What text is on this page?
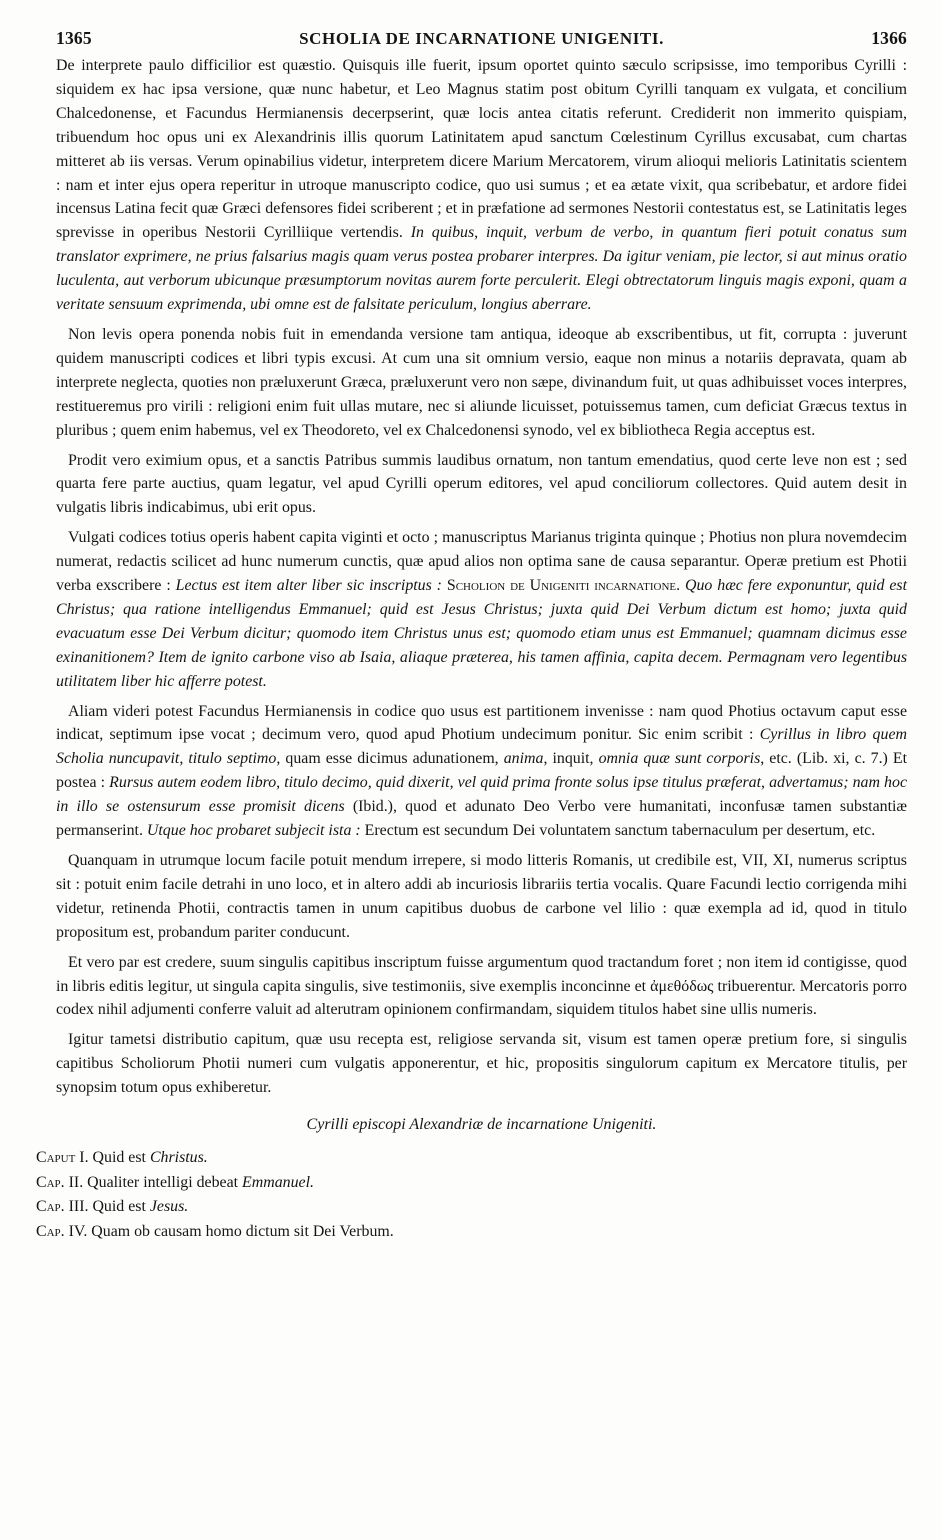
1365	SCHOLIA DE INCARNATIONE UNIGENITI.	1366

De interprete paulo difficilior est quæstio. Quisquis ille fuerit, ipsum oportet quinto sæculo scripsisse, imo temporibus Cyrilli : siquidem ex hac ipsa versione, quæ nunc habetur, et Leo Magnus statim post obitum Cyrilli tanquam ex vulgata, et concilium Chalcedonense, et Facundus Hermianensis decerpserint, quæ locis antea citatis referunt. Crediderit non immerito quispiam, tribuendum hoc opus uni ex Alexandrinis illis quorum Latinitatem apud sanctum Cœlestinum Cyrillus excusabat, cum chartas mitteret ab iis versas. Verum opinabilius videtur, interpretem dicere Marium Mercatorem, virum alioqui melioris Latinitatis scientem : nam et inter ejus opera reperitur in utroque manuscripto codice, quo usi sumus ; et ea ætate vixit, qua scribebatur, et ardore fidei incensus Latina fecit quæ Græci defensores fidei scriberent ; et in præfatione ad sermones Nestorii contestatus est, se Latinitatis leges sprevisse in operibus Nestorii Cyrilliique vertendis. In quibus, inquit, verbum de verbo, in quantum fieri potuit conatus sum translator exprimere, ne prius falsarius magis quam verus postea probarer interpres. Da igitur veniam, pie lector, si aut minus oratio luculenta, aut verborum ubicunque præsumptorum novitas aurem forte perculerit. Elegi obtrectatorum linguis magis exponi, quam a veritate sensuum exprimenda, ubi omne est de falsitate periculum, longius aberrare.

Non levis opera ponenda nobis fuit in emendanda versione tam antiqua, ideoque ab exscribentibus, ut fit, corrupta : juverunt quidem manuscripti codices et libri typis excusi. At cum una sit omnium versio, eaque non minus a notariis depravata, quam ab interprete neglecta, quoties non præluxerunt Græca, præluxerunt vero non sæpe, divinandum fuit, ut quas adhibuisset voces interpres, restitueremus pro virili : religioni enim fuit ullas mutare, nec si aliunde licuisset, potuissemus tamen, cum deficiat Græcus textus in pluribus ; quem enim habemus, vel ex Theodoreto, vel ex Chalcedonensi synodo, vel ex bibliotheca Regia acceptus est.

Prodit vero eximium opus, et a sanctis Patribus summis laudibus ornatum, non tantum emendatius, quod certe leve non est ; sed quarta fere parte auctius, quam legatur, vel apud Cyrilli operum editores, vel apud conciliorum collectores. Quid autem desit in vulgatis libris indicabimus, ubi erit opus.

Vulgati codices totius operis habent capita viginti et octo ; manuscriptus Marianus triginta quinque ; Photius non plura novemdecim numerat, redactis scilicet ad hunc numerum cunctis, quæ apud alios non optima sane de causa separantur. Operæ pretium est Photii verba exscribere : Lectus est item alter liber sic inscriptus : Scholion de Unigeniti incarnatione. Quo hæc fere exponuntur, quid est Christus; qua ratione intelligendus Emmanuel; quid est Jesus Christus; juxta quid Dei Verbum dictum est homo; juxta quid evacuatum esse Dei Verbum dicitur; quomodo item Christus unus est; quomodo etiam unus est Emmanuel; quamnam dicimus esse exinanitionem? Item de ignito carbone viso ab Isaia, aliaque præterea, his tamen affinia, capita decem. Permagnam vero legentibus utilitatem liber hic afferre potest.

Aliam videri potest Facundus Hermianensis in codice quo usus est partitionem invenisse : nam quod Photius octavum caput esse indicat, septimum ipse vocat ; decimum vero, quod apud Photium undecimum ponitur. Sic enim scribit : Cyrillus in libro quem Scholia nuncupavit, titulo septimo, quam esse dicimus adunationem, anima, inquit, omnia quæ sunt corporis, etc. (Lib. xi, c. 7.) Et postea : Rursus autem eodem libro, titulo decimo, quid dixerit, vel quid prima fronte solus ipse titulus præferat, advertamus; nam hoc in illo se ostensurum esse promisit dicens (Ibid.), quod et adunato Deo Verbo vere humanitati, inconfusæ tamen substantiæ permanserint. Utque hoc probaret subjecit ista : Erectum est secundum Dei voluntatem sanctum tabernaculum per desertum, etc.

Quanquam in utrumque locum facile potuit mendum irrepere, si modo litteris Romanis, ut credibile est, VII, XI, numerus scriptus sit : potuit enim facile detrahi in uno loco, et in altero addi ab incuriosis librariis tertia vocalis. Quare Facundi lectio corrigenda mihi videtur, retinenda Photii, contractis tamen in unum capitibus duobus de carbone vel lilio : quæ exempla ad id, quod in titulo propositum est, probandum pariter conducunt.

Et vero par est credere, suum singulis capitibus inscriptum fuisse argumentum quod tractandum foret ; non item id contigisse, quod in libris editis legitur, ut singula capita singulis, sive testimoniis, sive exemplis inconcinne et ἀμεθόδως tribuerentur. Mercatoris porro codex nihil adjumenti conferre valuit ad alterutram opinionem confirmandam, siquidem titulos habet sine ullis numeris.

Igitur tametsi distributio capitum, quæ usu recepta est, religiose servanda sit, visum est tamen operæ pretium fore, si singulis capitibus Scholiorum Photii numeri cum vulgatis apponerentur, et hic, propositis singulorum capitum ex Mercatore titulis, per synopsim totum opus exhiberetur.

Cyrilli episcopi Alexandriæ de incarnatione Unigeniti.
Caput I. Quid est Christus.
Cap. II. Qualiter intelligi debeat Emmanuel.
Cap. III. Quid est Jesus.
Cap. IV. Quam ob causam homo dictum sit Dei Verbum.
